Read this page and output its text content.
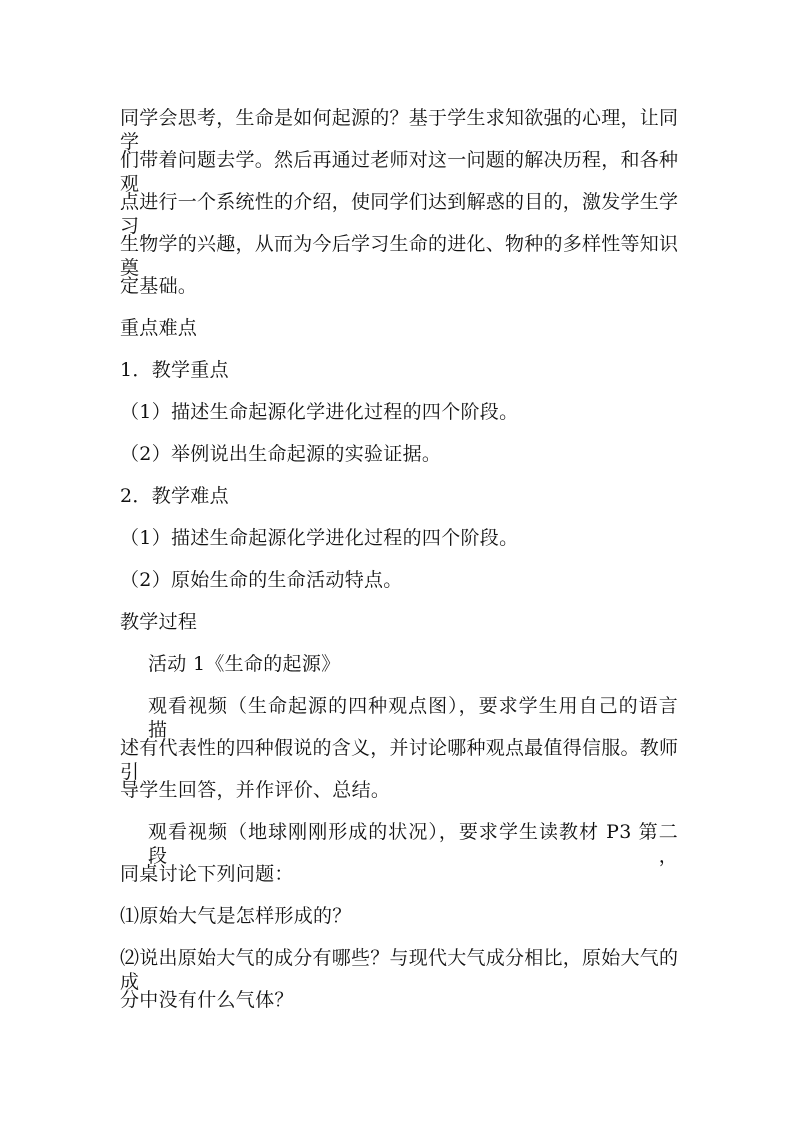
同学会思考，生命是如何起源的？基于学生求知欲强的心理，让同学
们带着问题去学。然后再通过老师对这一问题的解决历程，和各种观
点进行一个系统性的介绍，使同学们达到解惑的目的，激发学生学习
生物学的兴趣，从而为今后学习生命的进化、物种的多样性等知识奠
定基础。
重点难点
1．教学重点
（1）描述生命起源化学进化过程的四个阶段。
（2）举例说出生命起源的实验证据。
2．教学难点
（1）描述生命起源化学进化过程的四个阶段。
（2）原始生命的生命活动特点。
教学过程
活动 1《生命的起源》
观看视频（生命起源的四种观点图），要求学生用自己的语言描
述有代表性的四种假说的含义，并讨论哪种观点最值得信服。教师引
导学生回答，并作评价、总结。
观看视频（地球刚刚形成的状况），要求学生读教材 P3 第二段，
同桌讨论下列问题：
⑴原始大气是怎样形成的？
⑵说出原始大气的成分有哪些？与现代大气成分相比，原始大气的成
分中没有什么气体？
